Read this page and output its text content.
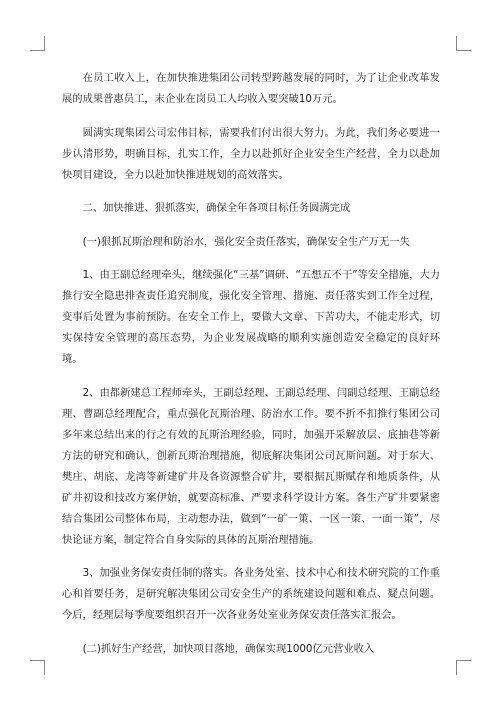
在员工收入上，在加快推进集团公司转型跨越发展的同时，为了让企业改革发展的成果普惠员工，末企业在岗员工人均收入要突破10万元。

圆满实现集团公司宏伟目标，需要我们付出很大努力。为此，我们务必要进一步认清形势，明确目标，扎实工作，全力以赴抓好企业安全生产经营，全力以赴加快项目建设，全力以赴加快推进规划的高效落实。

二、加快推进、狠抓落实，确保全年各项目标任务圆满完成

(一)狠抓瓦斯治理和防治水，强化安全责任落实，确保安全生产万无一失

1、由王副总经理牵头，继续强化“三基”调研、“五想五不干”等安全措施，大力推行安全隐患排查责任追究制度，强化安全管理、措施、责任落实到工作全过程，变事后处置为事前预防。在安全工作上，要做大文章、下苦功夫，不能走形式，切实保持安全管理的高压态势，为企业发展战略的顺利实施创造安全稳定的良好环境。

2、由都新建总工程师牵头，王副总经理、王副总经理、闫副总经理、王副总经理、曹副总经理配合，重点强化瓦斯治理、防治水工作。要不折不扣推行集团公司多年来总结出来的行之有效的瓦斯治理经验，同时，加强开采解放层、底抽巷等新方法的研究和确认，创新瓦斯治理措施，彻底解决集团公司瓦斯问题。对于东大、樊庄、胡底、龙湾等新建矿井及各资源整合矿井，要根据瓦斯赋存和地质条件，从矿井初设和技改方案伊始，就要高标准、严要求科学设计方案。各生产矿井要紧密结合集团公司整体布局，主动想办法，做到“一矿一策、一区一策、一面一策”，尽快论证方案，制定符合自身实际的具体的瓦斯治理措施。

3、加强业务保安责任制的落实。各业务处室、技术中心和技术研究院的工作重心和首要任务，是研究解决集团公司安全生产的系统建设问题和难点、疑点问题。今后，经理层每季度要组织召开一次各业务处室业务保安责任落实汇报会。

(二)抓好生产经营，加快项目落地，确保实现1000亿元营业收入
